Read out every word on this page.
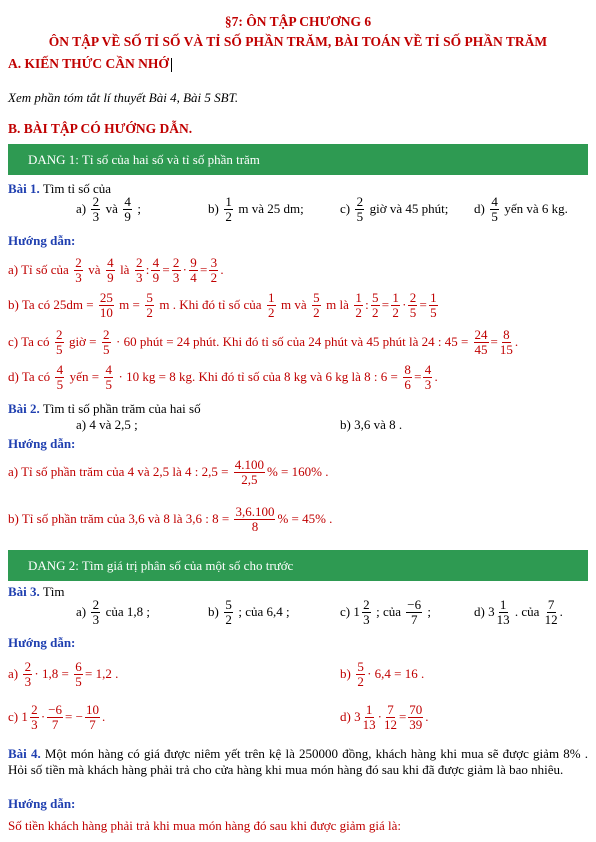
§7: ÔN TẬP CHƯƠNG 6
ÔN TẬP VỀ SỐ TỈ SỐ VÀ TỈ SỐ PHẦN TRĂM, BÀI TOÁN VỀ TỈ SỐ PHẦN TRĂM
A. KIẾN THỨC CẦN NHỚ
Xem phần tóm tắt lí thuyết Bài 4, Bài 5 SBT.
B. BÀI TẬP CÓ HƯỚNG DẪN.
DANG 1: Tỉ số của hai số và tỉ số phần trăm
Bài 1. Tìm tỉ số của
a)
$\frac{2}{3}$
và
$\frac{4}{9}$
;	b)
$\frac{1}{2}$
m và 25 dm;	c)
$\frac{2}{5}$
giờ và 45 phút; d)
$\frac{4}{5}$
yến và 6 kg.
Hướng dẫn:
a) Tỉ số của
$\frac{2}{3}$
và
$\frac{4}{9}$
là
$\frac{2}{3}$ : $\frac{4}{9} = \frac{2}{3} \cdot \frac{9}{4} = \frac{3}{2}$ .
b) Ta có 25dm =
$\frac{25}{10}$
m =
$\frac{5}{2}$
m
. Khi đó tỉ số của
$\frac{1}{2}$
m và
$\frac{5}{2}$
m là
$\frac{1}{2}$ : $\frac{5}{2} = \frac{1}{2} \cdot \frac{2}{5} = \frac{1}{5}$
c) Ta có
$\frac{2}{5}$
giờ =
$\frac{2}{5}$
· 60 phút = 24 phút. Khi đó tỉ số của 24 phút và 45 phút là 24 : 45 =
$\frac{24}{45} = \frac{8}{15}$ .
d) Ta có
$\frac{4}{5}$
yến =
$\frac{4}{5}$
· 10 kg = 8 kg. Khi đó tỉ số của 8 kg và 6 kg là 8 : 6 =
$\frac{8}{6} = \frac{4}{3}$ .
Bài 2. Tìm tỉ số phần trăm của hai số
a) 4 và 2,5 ;	b) 3,6 và 8 .
Hướng dẫn:
a) Tỉ số phần trăm của 4 và 2,5 là 4 : 2,5 =
$\frac{4.100}{2,5}$ % = 160% .
b) Tỉ số phần trăm của 3,6 và 8 là 3,6 : 8 =
$\frac{3,6.100}{8}$ % = 45% .
DANG 2: Tìm giá trị phân số của một số cho trước
Bài 3. Tìm
a)
$\frac{2}{3}$
của 1,8 ;	b)
$\frac{5}{2}$
; của 6,4 ;	c)
$1 \frac{2}{3}$
; của
$\frac{-6}{7}$
;	d)
$3 \frac{1}{13}$
. của
$\frac{7}{12}$ .
Hướng dẫn:
a)
$\frac{2}{3} \cdot 1,8$ =
$\frac{6}{5} = 1,2$ .	b)
$\frac{5}{2} \cdot 6,4 = 16$ .
c)
$1 \frac{2}{3} \cdot \frac{-6}{7}$ = − $\frac{10}{7}$ .	d)
$3 \frac{1}{13} \cdot \frac{7}{12} = \frac{70}{39}$ .
Bài 4. Một món hàng có giá được niêm yết trên kệ là 250000 đồng, khách hàng khi mua sẽ được giảm 8% . Hỏi số tiền mà khách hàng phải trả cho cửa hàng khi mua món hàng đó sau khi đã được giảm là bao nhiêu.
Hướng dẫn:
Số tiền khách hàng phải trả khi mua món hàng đó sau khi được giảm giá là:
